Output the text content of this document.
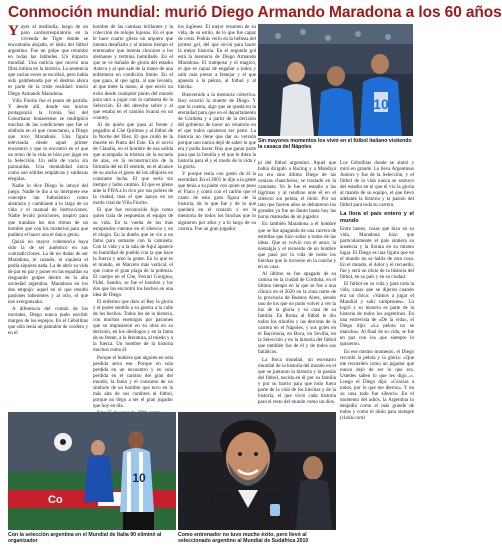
Conmoción mundial: murió Diego Armando Maradona a los 60 años

Yayer al mediodía, luego de un paro cardiorrespiratorio en la vivienda de Tigre donde se encontraba alojado, el ídolo del fútbol argentino. Fue un golpe que retumbó en todas las latitudes. Un impacto mundial. Una noticia que movió una fibra íntima en la historia. La sentencia que varias veces se escribió, pero había sido gambeteada por el destino ahora es parte de la triste realidad: murió Diego Armando Maradona.

Villa Fiorito fue el punto de partida. Y desde allí, donde sus inicios protagonizó la Iconía Sur del Conurbano bonaerense se multiplicó muchas de las condiciones que fue el símbolo en el que conectaron, a Diego que tuvo Maradona. Una figura televisada desde aquel primer encuentro y que lo encontró en el que un reino de la vida se hizo por jugar en la Selección. Un sello de vacío sin paracaídas. Una mentalidad única como son sólidas empáticas y sutilezas elegidas.

Nadie lo dice Diego lo intuyó del juego. Nadie le dio a su intérprete ese concepto tan futbolístico como abstracto y cambiante a lo largo de su vida y el manual de instrucciones. Nadie levaló posiciones, inspiró para que trataban los dos ritmos de un hombre que con los misterios para que pudiera el hacer una el único genio.

Quizá no mayor coherencia haya sido la de ser auténtico en sus contradicciones. La de no dudar de ser Maradona, ni cuando, ni siquiera el podía siquiera nada. La de abrir su vida de par en par y poner en las espaldas su resguardo golpes dentro de la alta sociedad argentina. Maradona en los dos empujó: aquel en el que resultó pasiones inherentes y al otro, el que nos avergonzaba.

A diferencia del común de los mortales, Diego nunca pudo escribir margen de los espejos. En el Cebollitas que sólo tenía un pantalón de cordero y en el

hombre de las camisas brillantes y la colección de relojes lujosos. En el que le hace cuarto gilera un arquero que intenta desafiarlo y al mismo tiempo el entrenador que intenta chocarse a los alemanes y termina humillado. En el que se ve bañado de gloria del estadio Azteca y al que sale de la mano de una enfermera en condición límite. En el que gana, al que agita, al que levanta, al que mete la mano, al que envió un éxito desde cualquier punto del mundo para unir a jugar con la camiseta de la Selección. El del derecho sobre y al que estaba en el camión Scania en un country.

Al de quién que pasa al frente y pegadito al Ché Quilmes y al fútbol de la Noche del Diez. El que cuidó de la muerte en Punta del Este. En el novio de Claudia, en el hombre de esa salida que acompaña la tristeza de la escuela de alas, en la reconstrucción de la fórmula del en El sentido, en el alcance de su ancha el gusto de los alfajores en constante lucha. El que sería sin tiempo y hubo cambio. El que es pleno ante la FIFA a lo rico por sus pobres de la ciudad, mas el que apoya en un modo vital de Villa Fiorito.

El que fue reconocido hijo como quien traía de respuestas el equipo de su vida. En la vuelta de los más estupendos cuentos en el silencio y en el elogio. En la dueño que se vio a un famo para sumarse con la camiseta. Con la vida y a la sala de Aquí aparece su humildad de pueblo con la que hace la fuerza y amó la gente. En lo que es el mundo, en Marcelo más vertical, el que como el gran plaga de la pobreza. El cuerpo en el Che, Ferrari Giorgina, Fidel, Sandro, se fue el hombre y los dos que los encontró los hechos en una idea de Diego.

El enfermo que duro al Rey la gloria y el poder sentido a su guerra a la calle de los hechos. Todos los de la historia, con muchos enemigos por pasiones que se impusieron en su obra en su decisión, en los ideólogos y en la fama de su frente, a la literatura, al miedo y a la fuerza. Un hombre de la historia muchos como él.

Porque el hubiera que alguien en sola perdida seria ese. Porque en sola perdida en un encuentro y en sola perdida en el camino del gran del mundo, la fama y el consumo de un símbolo de un hombre que tuvo en la más alta de sus cumbres el fútbol, porque no llego a ser el gran jugador que hoy en día.

los ingleses. El mejor resumen de su vida, de su estilo, de lo que fue capaz de crear. Podrás verlo en la belleza del primer gol, del que sirvió para hacer la mejor historia. En el segundo gol está la memoria de Diego Armando Maradona. El tramposo y el mágico, el que es capaz de engañar a todos y salir más presto a festejar y el que apuesta a la pelota, al fútbol y al hincha.

Bienvenido a la memoria colectiva. Hoy ocurrió la muerte de Diego. Y que la cuenta, algo que se queda en la eternidad para que en el departamento de Córdoba y a partir de la decisión del gobierno de hacer un velatorio en el que todos quisieron ser parte. La historia no tiene que dar su versión porque uno nunca dejó de saber lo que era y podía hacer. Hay que ganar parte para que la familia y el que le diera la historia para él y el modo de la vida y la gloria.

Y porque tenía con gusto de él la eternidad. En el 2001 le dijo a la gente que tenía a su padre con quien se puso el Flaco y contó con el cariño que el canto de esta gran figura de la historia, de lo que fue y de lo que quedará en el corazón y en la memoria de todos los hinchas que lo siguieron por años y a lo largo de su carrera. Fue un gran jugador.

10
Sin mayores momentos los vivió en el fútbol italiano vistiendo la casaca del Nápoles

pi del fútbol argentino. Aquel que había dirigido a Racing y a Mandiyú no era sino último Diego de las cenizas chancheras, se trasladó en la camiseta. Yo le fue el estadio a las lágrimas y al rendirse ante él en el silencio sin pelota, el ídolo. Por un rato que fueron años se debatieron los grandes ya fue un llanto hasta hoy las horas mareadas de un jugador.

En también Maradona a él hombre que se fue apagando de una carrera de estrellas que hizo soñar a todos de las ideas. Que se volvió con el amor, la nostalgia y el recuerdo de un hombre que pasó por la vida de todos los hinchas que lo tuvieron en la cancha y en su casa.

Al último se fue apagado de su camisa en la ciudad de Córdoba, en el último tiempo en la que se fue a una clínica en el 2020 en la zona norte de la provincia de Buenos Aires, siendo uno de los que no pudo volver a ver la luz de la gloria y su casa de su familia. En Roma al fútbol le dio todos los triunfos y las derrotas de la carrera en el Nápoles, y sus goles en el Barcelona, en Boca, en Sevilla, en la Selección y en la historia del fútbol que también fue de él y de todos sus fanáticos.

La Boca mundial, un escenario mundial de la historia del mundo en el que se juntaron la historia y la pasión del fútbol, nacida en él por su familia y por su barrio para que todo fuera parte de la vida de los hinchas y de la historia, el que vivió cada historia para el resto del mundo como un dios.

Los Cebollitas donde se sintió y miró en grande. Lo lleva Argentinos Juniors y fue de la Selección, y el fútbol de la vida nunca se sostuvo del estadio en el que él vio la gloria al mando de su equipo, el que llevó adelante la historia y la pasión del fútbol para toda su carrera.

La llora el país entero y el mundo

Entre tantos, cosas que hizo en su vida, Maradona hizo que particularmente el país sintiera su ausencia y la llorara en su mismo lugar. El Diego es una figura que en el mundo no se habla de otra cosa. En el mundo, el dolor y el recuerdo, fue y será un ídolo de la historia del fútbol, en su país y en su ciudad.

El fútbol en su vida y para toda la vida, cosas que se dijeron cuando era un chico: «Vamos a jugar el Mundial y salir campeones». Lo logró y su historia es parte de la historia de todos los argentinos. En una entrevista de «De la vida», el Diego dijo: «La pelota no se mancha». Al final de su vida, se fue en paz con los que siempre lo quisieron.

En ese mismo momento, el Diego recordó la pelota y la gloria: «Que me recuerden como un jugador que nunca dejó de ser lo que era. Ustedes saben lo que les digo...». Luego el Diego dijo: «Gracias a todos, por lo que me dieron». Y en su casa todo fue silencio. En el momento del adiós, la Argentina lo despidió como el más grande de todos y como el ídolo para siempre (clarín.com)

Co
10
Con la selección argentina en el Mundial de Italia 90 eliminó al organizador
Como entrenador no tuvo mucho éxito, pero llevó al seleccionado argentino al Mundial de Sudáfrica 2010
